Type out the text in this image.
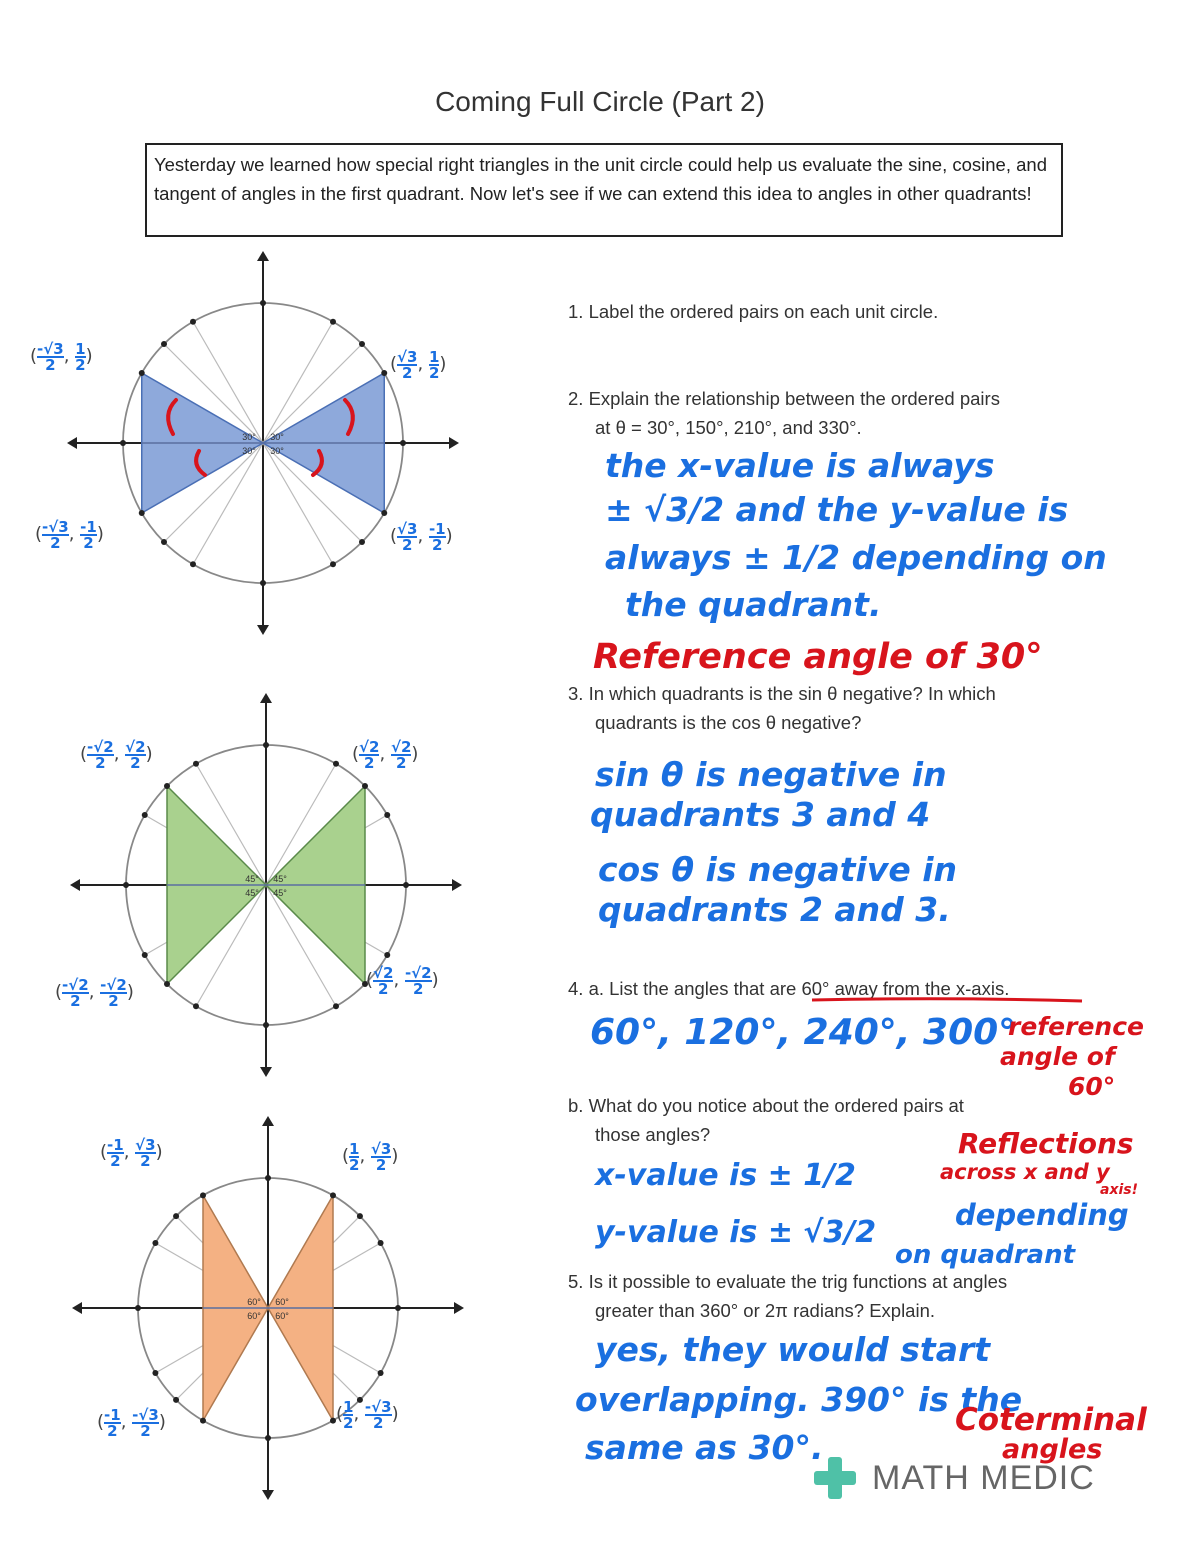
Coming Full Circle (Part 2)
Yesterday we learned how special right triangles in the unit circle could help us evaluate the sine, cosine, and tangent of angles in the first quadrant. Now let's see if we can extend this idea to angles in other quadrants!
30° 30°
30° 30°
45° 45°
45° 45°
60° 60°
60° 60°
( $\frac{√3}{2}$ , $\frac{1}{2}$ )
( $\frac{-√3}{2}$ , $\frac{1}{2}$ )
( $\frac{-√3}{2}$ , $\frac{-1}{2}$ )	( $\frac{√3}{2}$ , $\frac{-1}{2}$ )
( $\frac{√2}{2}$ , $\frac{√2}{2}$ )
( $\frac{-√2}{2}$ , $\frac{√2}{2}$ )
( $\frac{-√2}{2}$ , $\frac{-√2}{2}$ )
( $\frac{√2}{2}$ , $\frac{-√2}{2}$ )
( $\frac{1}{2}$ , $\frac{√3}{2}$ )
( $\frac{-1}{2}$ , $\frac{√3}{2}$ )
( $\frac{-1}{2}$ , $\frac{-√3}{2}$ )	( $\frac{1}{2}$ , $\frac{-√3}{2}$ )
1. Label the ordered pairs on each unit circle.
2. Explain the relationship between the ordered pairs
at θ = 30°, 150°, 210°, and 330°.
the x-value is always
± √3/2 and the y-value is
always ± 1/2 depending on
the quadrant.
Reference angle of 30°
3. In which quadrants is the sin θ negative? In which
quadrants is the cos θ negative?
sin θ is negative in
quadrants 3 and 4
cos θ is negative in
quadrants 2 and 3.
4. a. List the angles that are 60° away from the x-axis.
60°, 120°, 240°, 300°
reference
angle of
60°
b. What do you notice about the ordered pairs at
those angles?
x-value is ± 1/2
y-value is ± √3/2
Reflections
across x and y
axis!
depending
on quadrant
5. Is it possible to evaluate the trig functions at angles
greater than 360° or 2π radians? Explain.
yes, they would start
overlapping. 390° is the
same as 30°.
Coterminal
angles
MATH MEDIC
